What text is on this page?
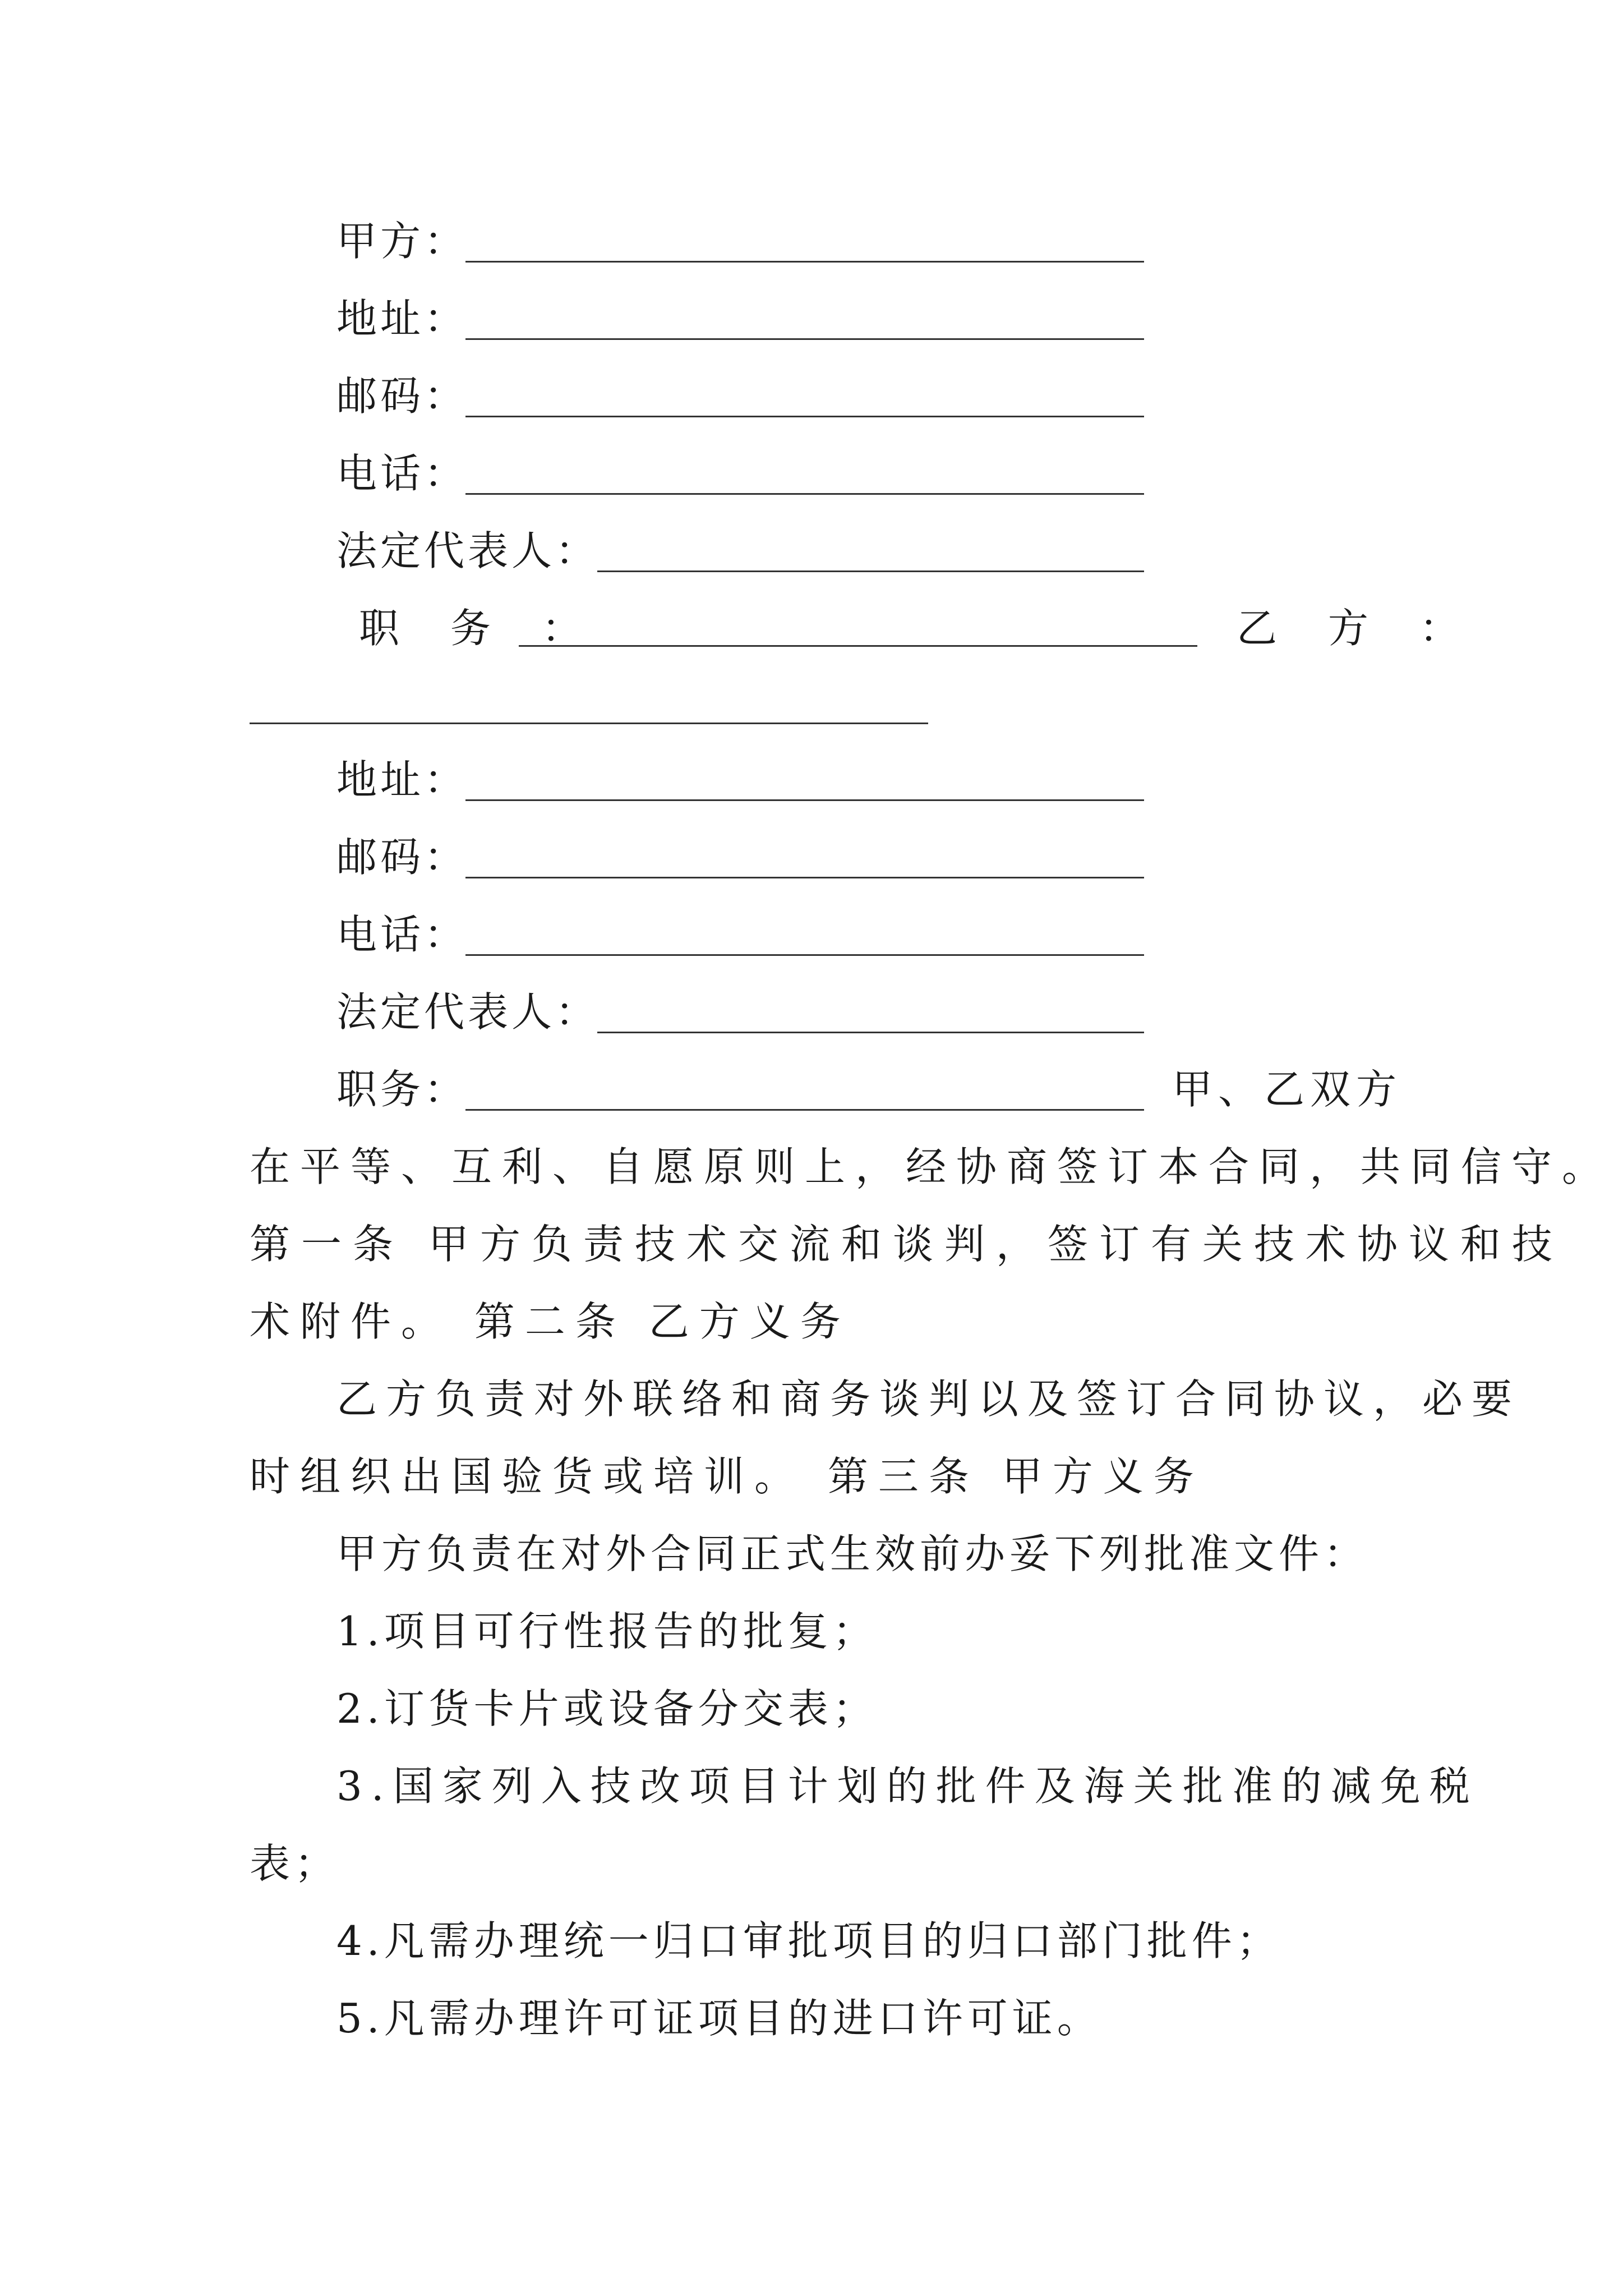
甲方：
地址：
邮码：
电话：
法定代表人：
职 务 ：	乙 方 ：
地址：
邮码：
电话：
法定代表人：
职务：	甲、乙双方
在平等、互利、自愿原则上，经协商签订本合同，共同信守。
第一条 甲方负责技术交流和谈判，签订有关技术协议和技
术附件。 第二条 乙方义务
乙方负责对外联络和商务谈判以及签订合同协议，必要
时组织出国验货或培训。 第三条 甲方义务
甲方负责在对外合同正式生效前办妥下列批准文件：
1.项目可行性报告的批复；
2.订货卡片或设备分交表；
3.国家列入技改项目计划的批件及海关批准的减免税
表；
4.凡需办理统一归口审批项目的归口部门批件；
5.凡需办理许可证项目的进口许可证。
